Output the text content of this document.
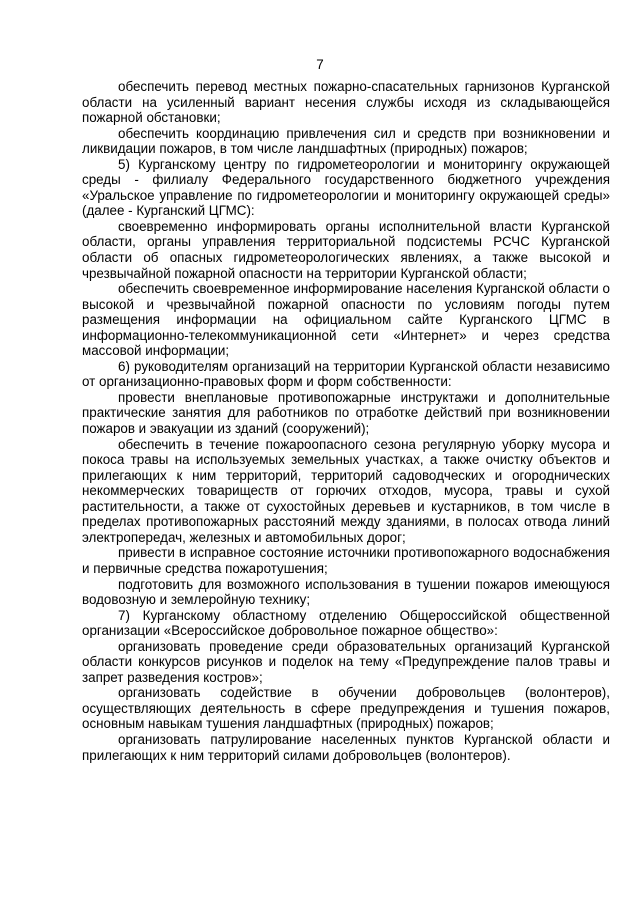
7

обеспечить перевод местных пожарно-спасательных гарнизонов Курганской области на усиленный вариант несения службы исходя из складывающейся пожарной обстановки;

обеспечить координацию привлечения сил и средств при возникновении и ликвидации пожаров, в том числе ландшафтных (природных) пожаров;

5) Курганскому центру по гидрометеорологии и мониторингу окружающей среды - филиалу Федерального государственного бюджетного учреждения «Уральское управление по гидрометеорологии и мониторингу окружающей среды» (далее - Курганский ЦГМС):

своевременно информировать органы исполнительной власти Курганской области, органы управления территориальной подсистемы РСЧС Курганской области об опасных гидрометеорологических явлениях, а также высокой и чрезвычайной пожарной опасности на территории Курганской области;

обеспечить своевременное информирование населения Курганской области о высокой и чрезвычайной пожарной опасности по условиям погоды путем размещения информации на официальном сайте Курганского ЦГМС в информационно-телекоммуникационной сети «Интернет» и через средства массовой информации;

6) руководителям организаций на территории Курганской области независимо от организационно-правовых форм и форм собственности:

провести внеплановые противопожарные инструктажи и дополнительные практические занятия для работников по отработке действий при возникновении пожаров и эвакуации из зданий (сооружений);

обеспечить в течение пожароопасного сезона регулярную уборку мусора и покоса травы на используемых земельных участках, а также очистку объектов и прилегающих к ним территорий, территорий садоводческих и огороднических некоммерческих товариществ от горючих отходов, мусора, травы и сухой растительности, а также от сухостойных деревьев и кустарников, в том числе в пределах противопожарных расстояний между зданиями, в полосах отвода линий электропередач, железных и автомобильных дорог;

привести в исправное состояние источники противопожарного водоснабжения и первичные средства пожаротушения;

подготовить для возможного использования в тушении пожаров имеющуюся водовозную и землеройную технику;

7) Курганскому областному отделению Общероссийской общественной организации «Всероссийское добровольное пожарное общество»:

организовать проведение среди образовательных организаций Курганской области конкурсов рисунков и поделок на тему «Предупреждение палов травы и запрет разведения костров»;

организовать содействие в обучении добровольцев (волонтеров), осуществляющих деятельность в сфере предупреждения и тушения пожаров, основным навыкам тушения ландшафтных (природных) пожаров;

организовать патрулирование населенных пунктов Курганской области и прилегающих к ним территорий силами добровольцев (волонтеров).
